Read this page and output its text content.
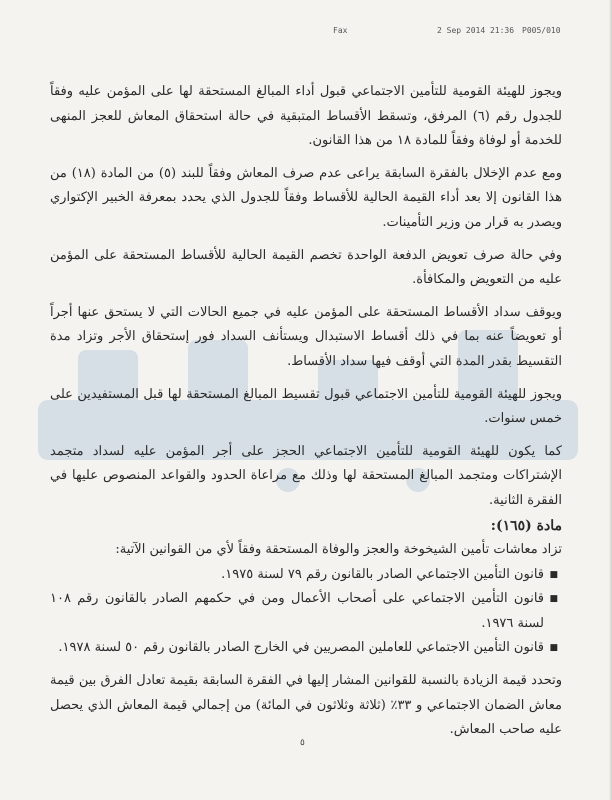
Fax	2 Sep 2014 21:36 P005/010

ويجوز للهيئة القومية للتأمين الاجتماعي قبول أداء المبالغ المستحقة لها على المؤمن عليه وفقاً للجدول رقم (٦) المرفق، وتسقط الأقساط المتبقية في حالة استحقاق المعاش للعجز المنهى للخدمة أو لوفاة وفقاً للمادة ١٨ من هذا القانون.

ومع عدم الإخلال بالفقرة السابقة يراعى عدم صرف المعاش وفقاً للبند (٥) من المادة (١٨) من هذا القانون إلا بعد أداء القيمة الحالية للأقساط وفقاً للجدول الذي يحدد بمعرفة الخبير الإكتواري ويصدر به قرار من وزير التأمينات.

وفي حالة صرف تعويض الدفعة الواحدة تخصم القيمة الحالية للأقساط المستحقة على المؤمن عليه من التعويض والمكافأة.

ويوقف سداد الأقساط المستحقة على المؤمن عليه في جميع الحالات التي لا يستحق عنها أجراً أو تعويضاً عنه بما في ذلك أقساط الاستبدال ويستأنف السداد فور إستحقاق الأجر وتزاد مدة التقسيط بقدر المدة التي أوقف فيها سداد الأقساط.

ويجوز للهيئة القومية للتأمين الاجتماعي قبول تقسيط المبالغ المستحقة لها قبل المستفيدين على خمس سنوات.

كما يكون للهيئة القومية للتأمين الاجتماعي الحجز على أجر المؤمن عليه لسداد متجمد الإشتراكات ومتجمد المبالغ المستحقة لها وذلك مع مراعاة الحدود والقواعد المنصوص عليها في الفقرة الثانية.

مادة (١٦٥):

تزاد معاشات تأمين الشيخوخة والعجز والوفاة المستحقة وفقاً لأي من القوانين الآتية:

■
قانون التأمين الاجتماعي الصادر بالقانون رقم ٧٩ لسنة ١٩٧٥.
■
قانون التأمين الاجتماعي على أصحاب الأعمال ومن في حكمهم الصادر بالقانون رقم ١٠٨ لسنة ١٩٧٦.
■
قانون التأمين الاجتماعي للعاملين المصريين في الخارج الصادر بالقانون رقم ٥٠ لسنة ١٩٧٨.

وتحدد قيمة الزيادة بالنسبة للقوانين المشار إليها في الفقرة السابقة بقيمة تعادل الفرق بين قيمة معاش الضمان الاجتماعي و ٣٣٪ (ثلاثة وثلاثون في المائة) من إجمالي قيمة المعاش الذي يحصل عليه صاحب المعاش.

٥
